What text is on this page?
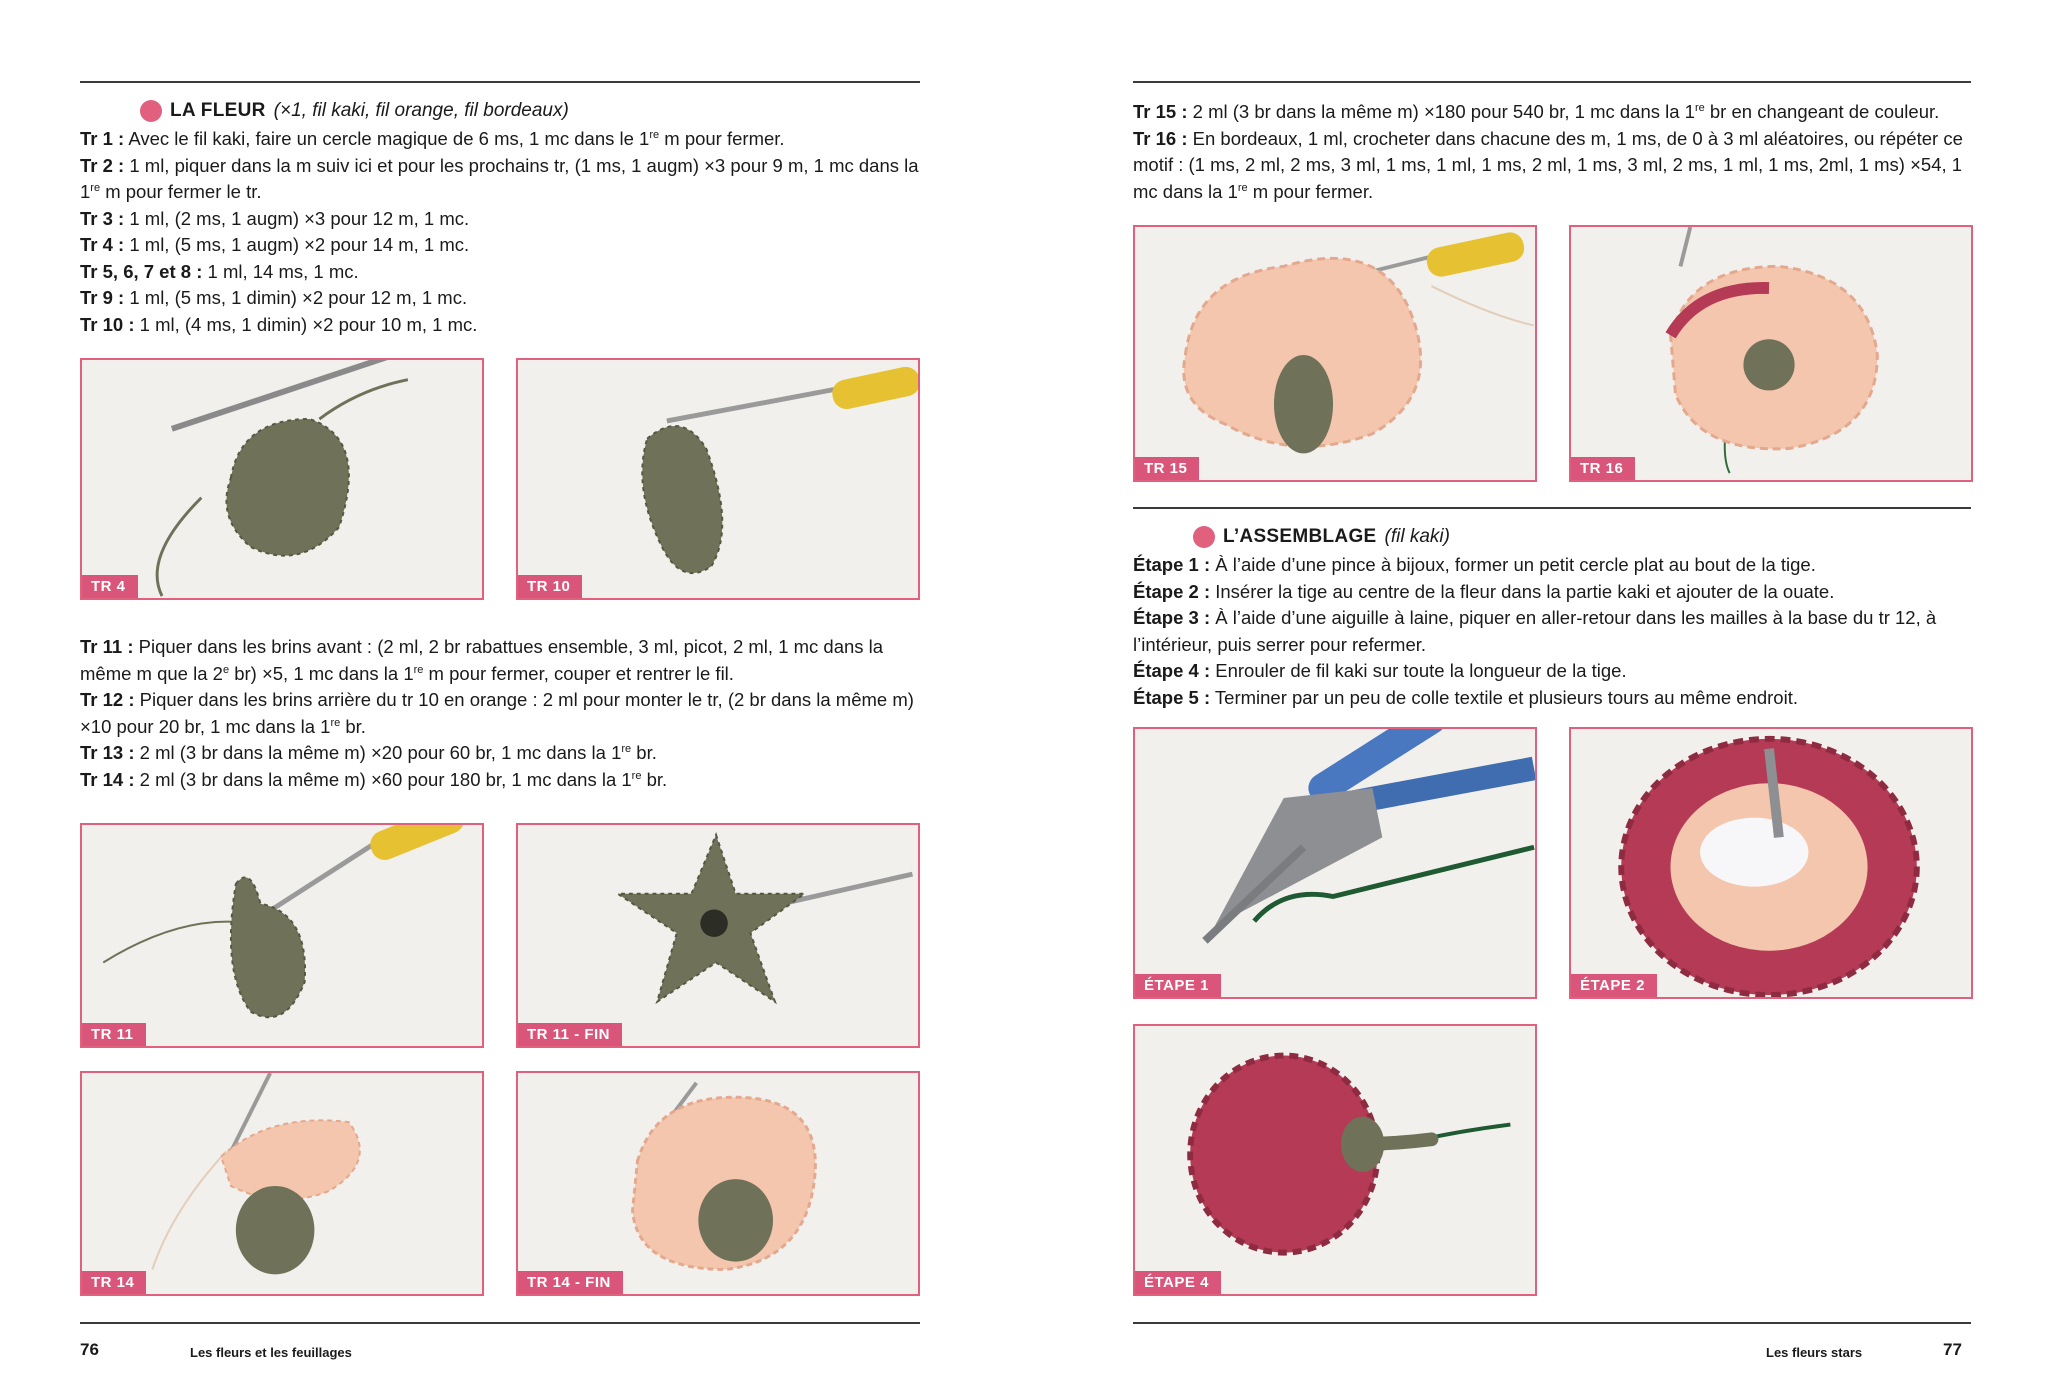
LA FLEUR (×1, fil kaki, fil orange, fil bordeaux)

Tr 1 : Avec le fil kaki, faire un cercle magique de 6 ms, 1 mc dans le 1re m pour fermer.

Tr 2 : 1 ml, piquer dans la m suiv ici et pour les prochains tr, (1 ms, 1 augm) ×3 pour 9 m, 1 mc dans la 1re m pour fermer le tr.

Tr 3 : 1 ml, (2 ms, 1 augm) ×3 pour 12 m, 1 mc.

Tr 4 : 1 ml, (5 ms, 1 augm) ×2 pour 14 m, 1 mc.

Tr 5, 6, 7 et 8 : 1 ml, 14 ms, 1 mc.

Tr 9 : 1 ml, (5 ms, 1 dimin) ×2 pour 12 m, 1 mc.

Tr 10 : 1 ml, (4 ms, 1 dimin) ×2 pour 10 m, 1 mc.

TR 4	TR 10

Tr 11 : Piquer dans les brins avant : (2 ml, 2 br rabattues ensemble, 3 ml, picot, 2 ml, 1 mc dans la même m que la 2e br) ×5, 1 mc dans la 1re m pour fermer, couper et rentrer le fil.

Tr 12 : Piquer dans les brins arrière du tr 10 en orange : 2 ml pour monter le tr, (2 br dans la même m) ×10 pour 20 br, 1 mc dans la 1re br.

Tr 13 : 2 ml (3 br dans la même m) ×20 pour 60 br, 1 mc dans la 1re br.

Tr 14 : 2 ml (3 br dans la même m) ×60 pour 180 br, 1 mc dans la 1re br.

TR 11	TR 11 - FIN
TR 14	TR 14 - FIN
76	Les fleurs et les feuillages

Tr 15 : 2 ml (3 br dans la même m) ×180 pour 540 br, 1 mc dans la 1re br en changeant de couleur.

Tr 16 : En bordeaux, 1 ml, crocheter dans chacune des m, 1 ms, de 0 à 3 ml aléatoires, ou répéter ce motif : (1 ms, 2 ml, 2 ms, 3 ml, 1 ms, 1 ml, 1 ms, 2 ml, 1 ms, 3 ml, 2 ms, 1 ml, 1 ms, 2ml, 1 ms) ×54, 1 mc dans la 1re m pour fermer.

TR 15	TR 16
L’ASSEMBLAGE (fil kaki)

Étape 1 : À l’aide d’une pince à bijoux, former un petit cercle plat au bout de la tige.

Étape 2 : Insérer la tige au centre de la fleur dans la partie kaki et ajouter de la ouate.

Étape 3 : À l’aide d’une aiguille à laine, piquer en aller-retour dans les mailles à la base du tr 12, à l’intérieur, puis serrer pour refermer.

Étape 4 : Enrouler de fil kaki sur toute la longueur de la tige.

Étape 5 : Terminer par un peu de colle textile et plusieurs tours au même endroit.

ÉTAPE 1	ÉTAPE 2
ÉTAPE 4
Les fleurs stars	77
